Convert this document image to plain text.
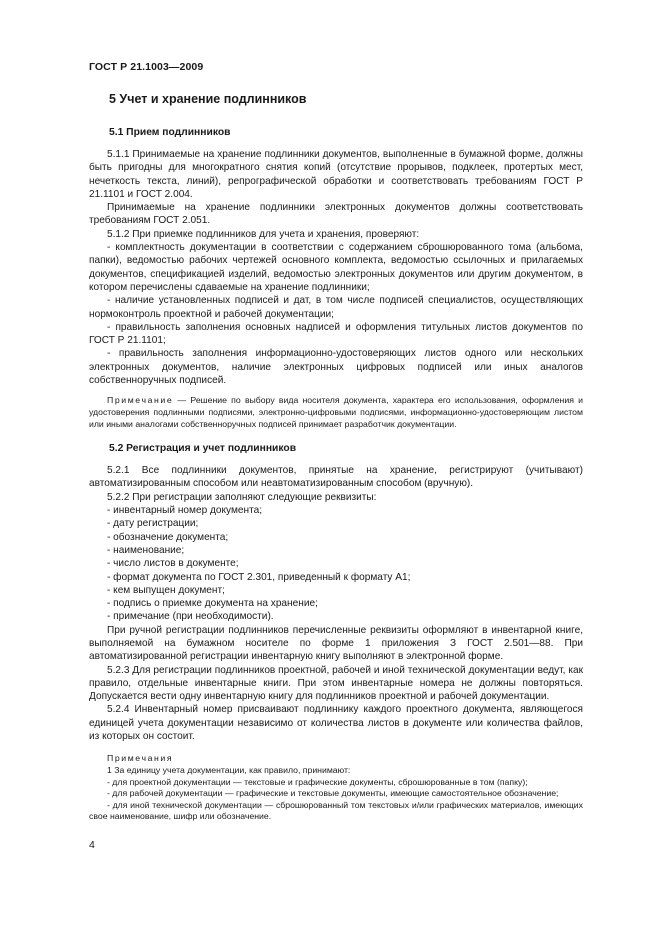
ГОСТ Р 21.1003—2009
5 Учет и хранение подлинников
5.1 Прием подлинников

5.1.1 Принимаемые на хранение подлинники документов, выполненные в бумажной форме, должны быть пригодны для многократного снятия копий (отсутствие прорывов, подклеек, протертых мест, нечеткость текста, линий), репрографической обработки и соответствовать требованиям ГОСТ Р 21.1101 и ГОСТ 2.004.

Принимаемые на хранение подлинники электронных документов должны соответствовать требованиям ГОСТ 2.051.

5.1.2 При приемке подлинников для учета и хранения, проверяют:

- комплектность документации в соответствии с содержанием сброшюрованного тома (альбома, папки), ведомостью рабочих чертежей основного комплекта, ведомостью ссылочных и прилагаемых документов, спецификацией изделий, ведомостью электронных документов или другим документом, в котором перечислены сдаваемые на хранение подлинники;

- наличие установленных подписей и дат, в том числе подписей специалистов, осуществляющих нормоконтроль проектной и рабочей документации;

- правильность заполнения основных надписей и оформления титульных листов документов по ГОСТ Р 21.1101;

- правильность заполнения информационно-удостоверяющих листов одного или нескольких электронных документов, наличие электронных цифровых подписей или иных аналогов собственноручных подписей.

Примечание — Решение по выбору вида носителя документа, характера его использования, оформления и удостоверения подлинными подписями, электронно-цифровыми подписями, информационно-удостоверяющим листом или иными аналогами собственноручных подписей принимает разработчик документации.

5.2 Регистрация и учет подлинников

5.2.1 Все подлинники документов, принятые на хранение, регистрируют (учитывают) автоматизированным способом или неавтоматизированным способом (вручную).

5.2.2 При регистрации заполняют следующие реквизиты:

- инвентарный номер документа;

- дату регистрации;

- обозначение документа;

- наименование;

- число листов в документе;

- формат документа по ГОСТ 2.301, приведенный к формату А1;

- кем выпущен документ;

- подпись о приемке документа на хранение;

- примечание (при необходимости).

При ручной регистрации подлинников перечисленные реквизиты оформляют в инвентарной книге, выполняемой на бумажном носителе по форме 1 приложения З ГОСТ 2.501—88. При автоматизированной регистрации инвентарную книгу выполняют в электронной форме.

5.2.3 Для регистрации подлинников проектной, рабочей и иной технической документации ведут, как правило, отдельные инвентарные книги. При этом инвентарные номера не должны повторяться. Допускается вести одну инвентарную книгу для подлинников проектной и рабочей документации.

5.2.4 Инвентарный номер присваивают подлиннику каждого проектного документа, являющегося единицей учета документации независимо от количества листов в документе или количества файлов, из которых он состоит.

Примечания

1 За единицу учета документации, как правило, принимают:

- для проектной документации — текстовые и графические документы, сброшюрованные в том (папку);

- для рабочей документации — графические и текстовые документы, имеющие самостоятельное обозначение;

- для иной технической документации — сброшюрованный том текстовых и/или графических материалов, имеющих свое наименование, шифр или обозначение.

4
